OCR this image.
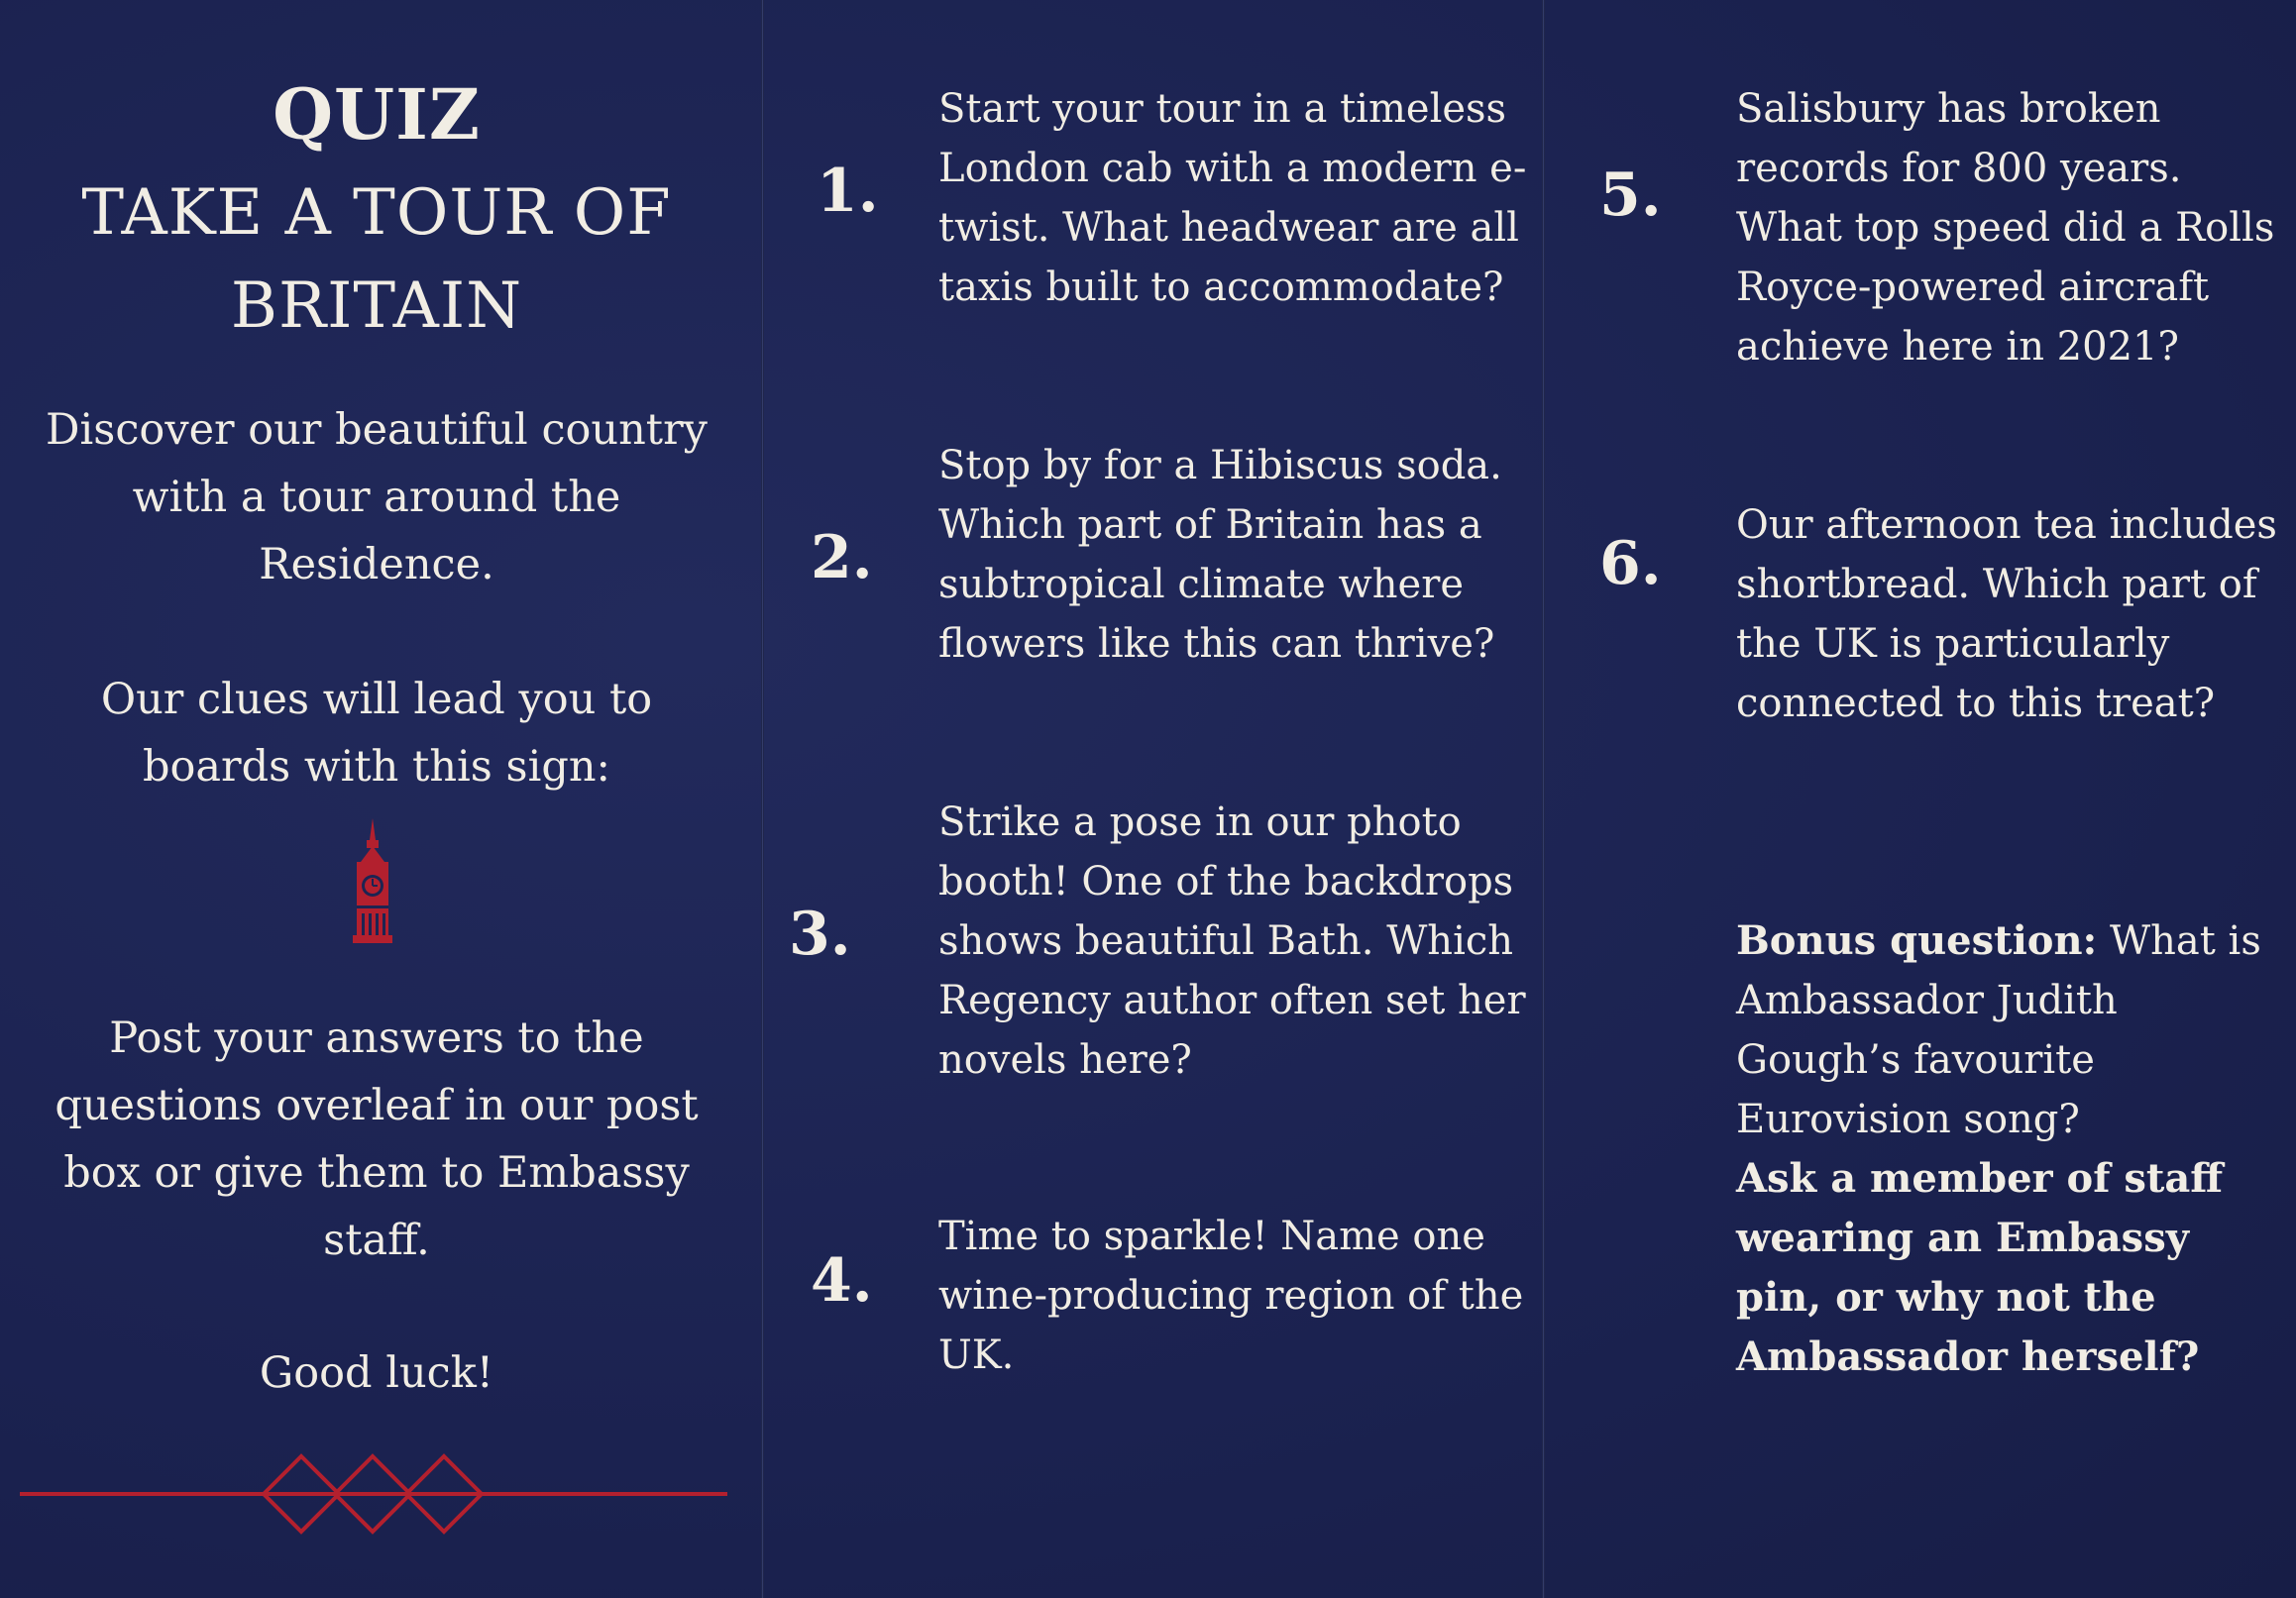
QUIZ
TAKE A TOUR OF BRITAIN
Discover our beautiful country with a tour around the Residence.
Our clues will lead you to boards with this sign:
Post your answers to the questions overleaf in our post box or give them to Embassy staff.
Good luck!
1.
Start your tour in a timeless London cab with a modern e-twist. What headwear are all taxis built to accommodate?
2.
Stop by for a Hibiscus soda. Which part of Britain has a subtropical climate where flowers like this can thrive?
3.
Strike a pose in our photo booth! One of the backdrops shows beautiful Bath. Which Regency author often set her novels here?
4.
Time to sparkle! Name one wine-producing region of the UK.
5.
Salisbury has broken records for 800 years. What top speed did a Rolls Royce-powered aircraft achieve here in 2021?
6.
Our afternoon tea includes shortbread. Which part of the UK is particularly connected to this treat?
Bonus question: What is Ambassador Judith Gough’s favourite Eurovision song?
Ask a member of staff wearing an Embassy pin, or why not the Ambassador herself?
